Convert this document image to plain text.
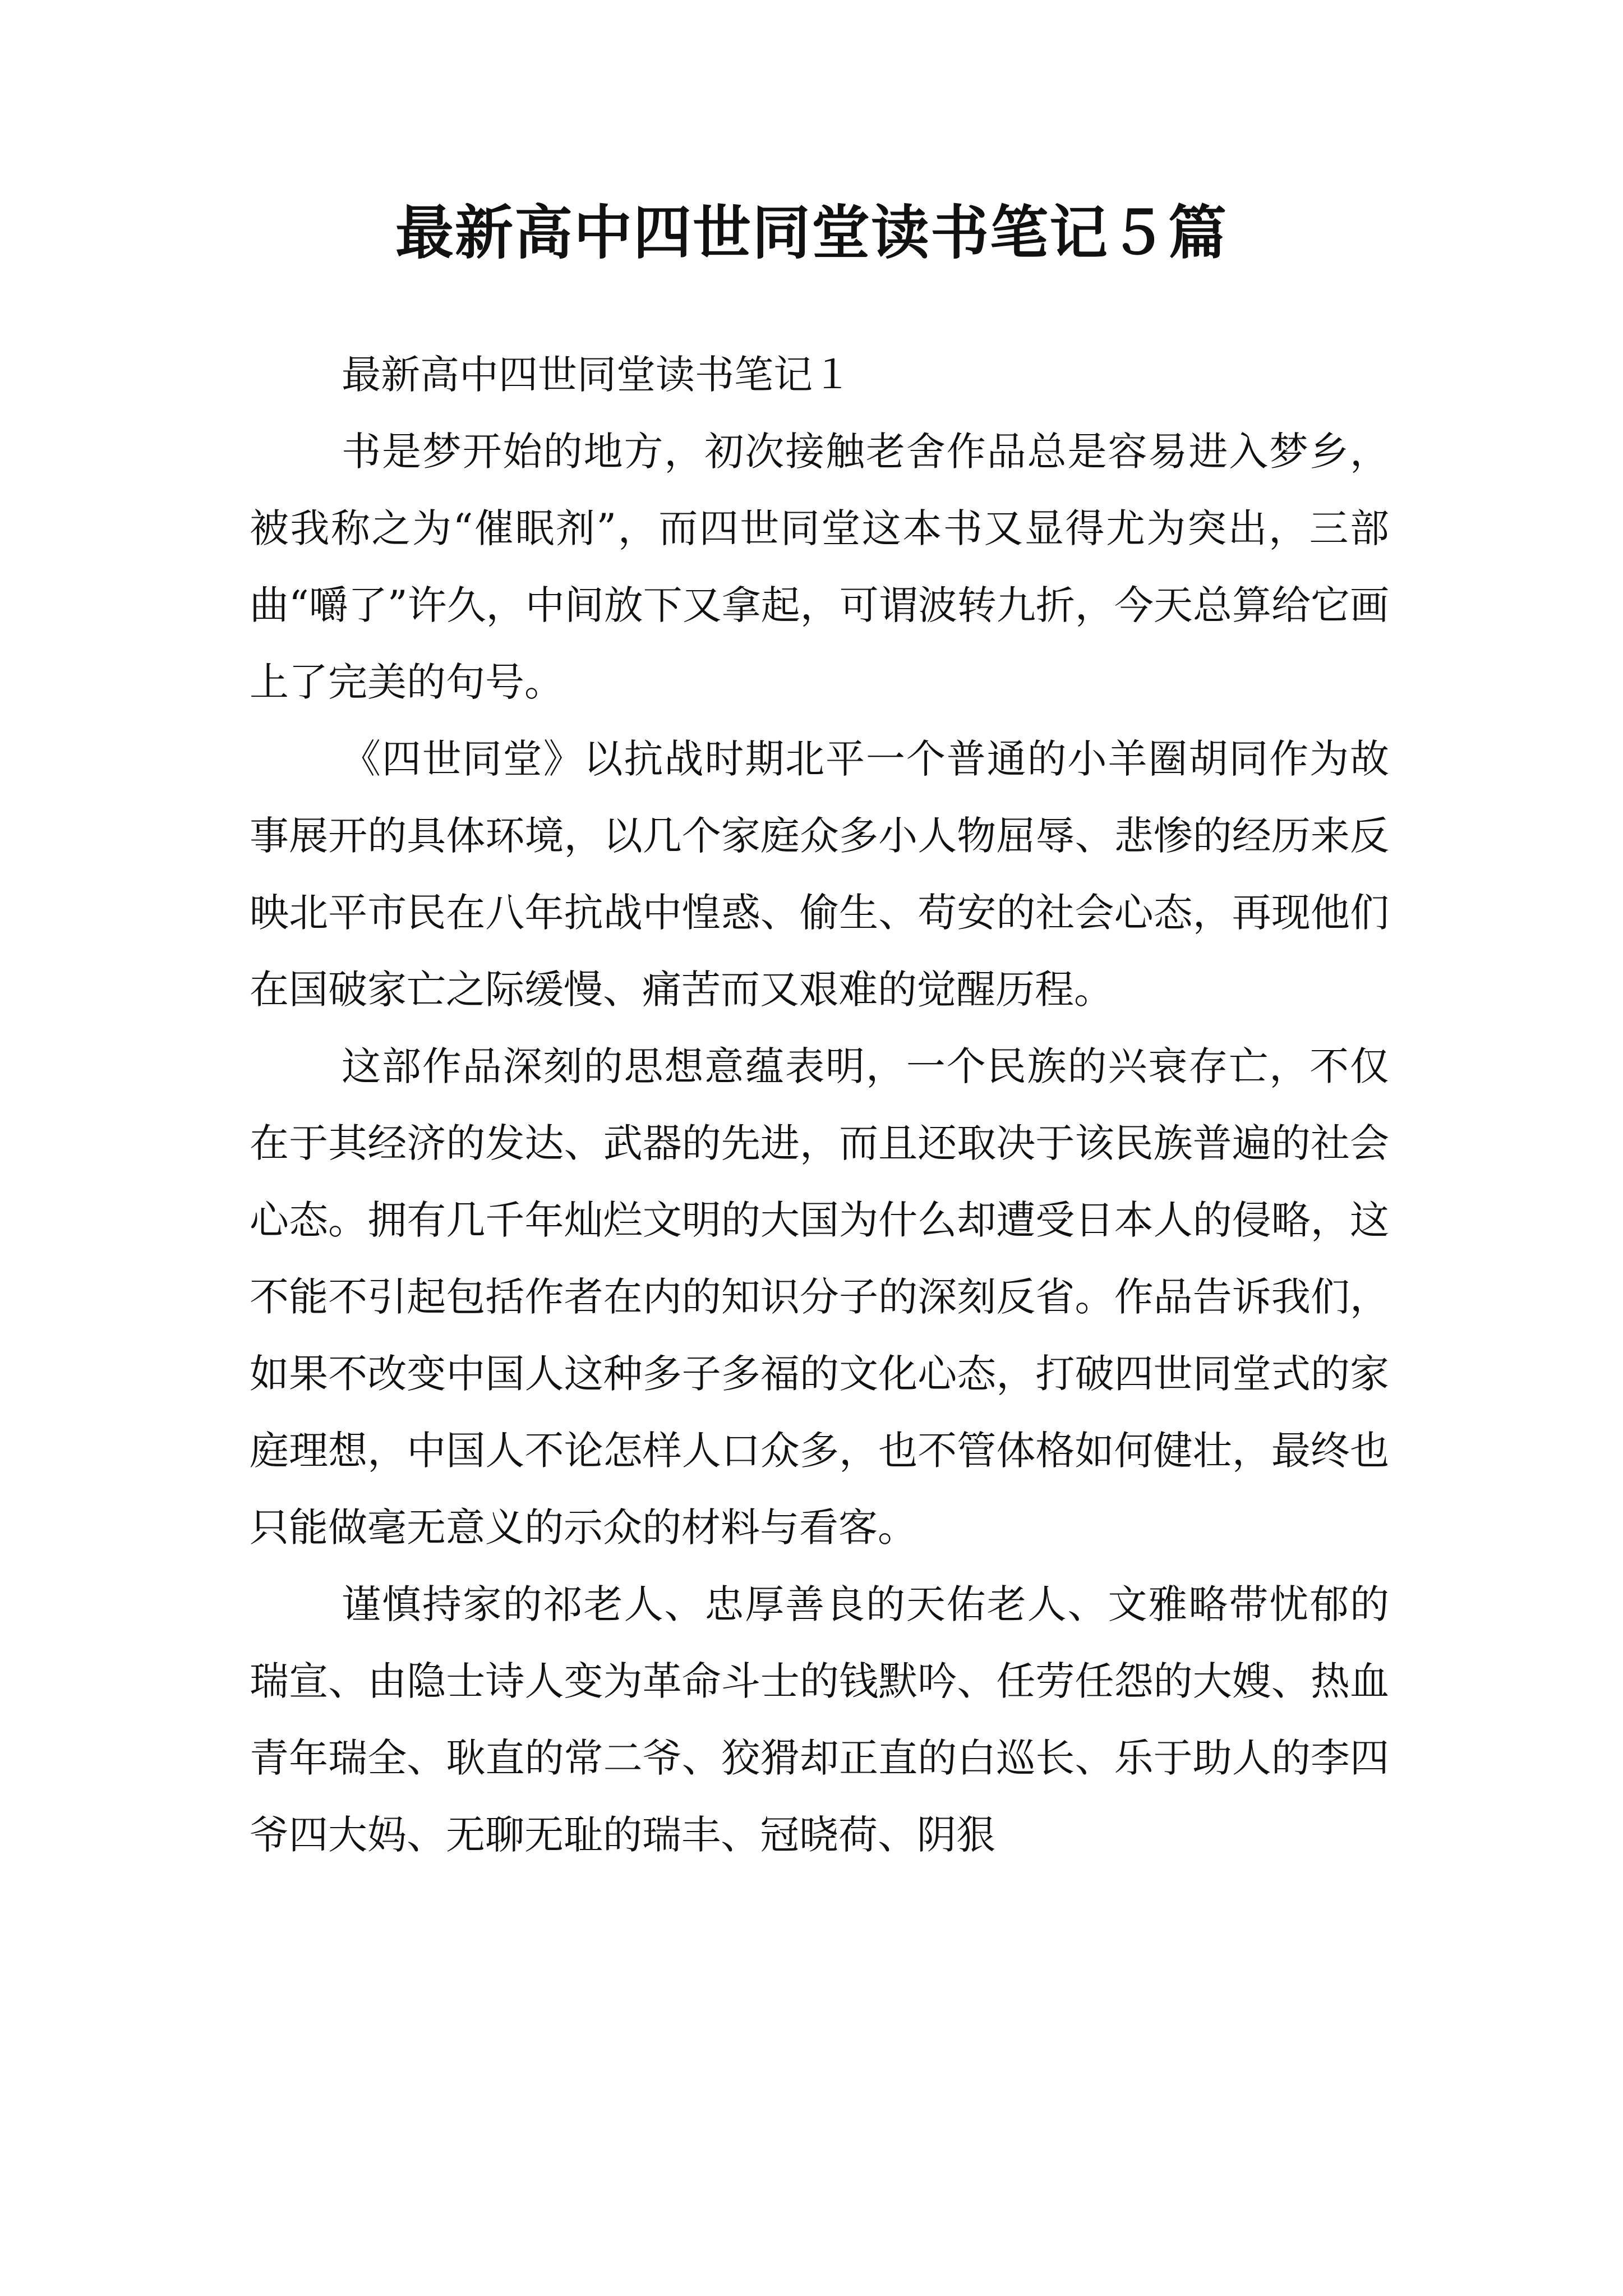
最新高中四世同堂读书笔记５篇

最新高中四世同堂读书笔记１

书是梦开始的地方，初次接触老舍作品总是容易进入梦乡，被我称之为“催眠剂”，而四世同堂这本书又显得尤为突出，三部曲“嚼了”许久，中间放下又拿起，可谓波转九折，今天总算给它画上了完美的句号。

《四世同堂》以抗战时期北平一个普通的小羊圈胡同作为故事展开的具体环境，以几个家庭众多小人物屈辱、悲惨的经历来反映北平市民在八年抗战中惶惑、偷生、苟安的社会心态，再现他们在国破家亡之际缓慢、痛苦而又艰难的觉醒历程。

这部作品深刻的思想意蕴表明，一个民族的兴衰存亡，不仅在于其经济的发达、武器的先进，而且还取决于该民族普遍的社会心态。拥有几千年灿烂文明的大国为什么却遭受日本人的侵略，这不能不引起包括作者在内的知识分子的深刻反省。作品告诉我们，如果不改变中国人这种多子多福的文化心态，打破四世同堂式的家庭理想，中国人不论怎样人口众多，也不管体格如何健壮，最终也只能做毫无意义的示众的材料与看客。

谨慎持家的祁老人、忠厚善良的天佑老人、文雅略带忧郁的瑞宣、由隐士诗人变为革命斗士的钱默吟、任劳任怨的大嫂、热血青年瑞全、耿直的常二爷、狡猾却正直的白巡长、乐于助人的李四爷四大妈、无聊无耻的瑞丰、冠晓荷、阴狠
